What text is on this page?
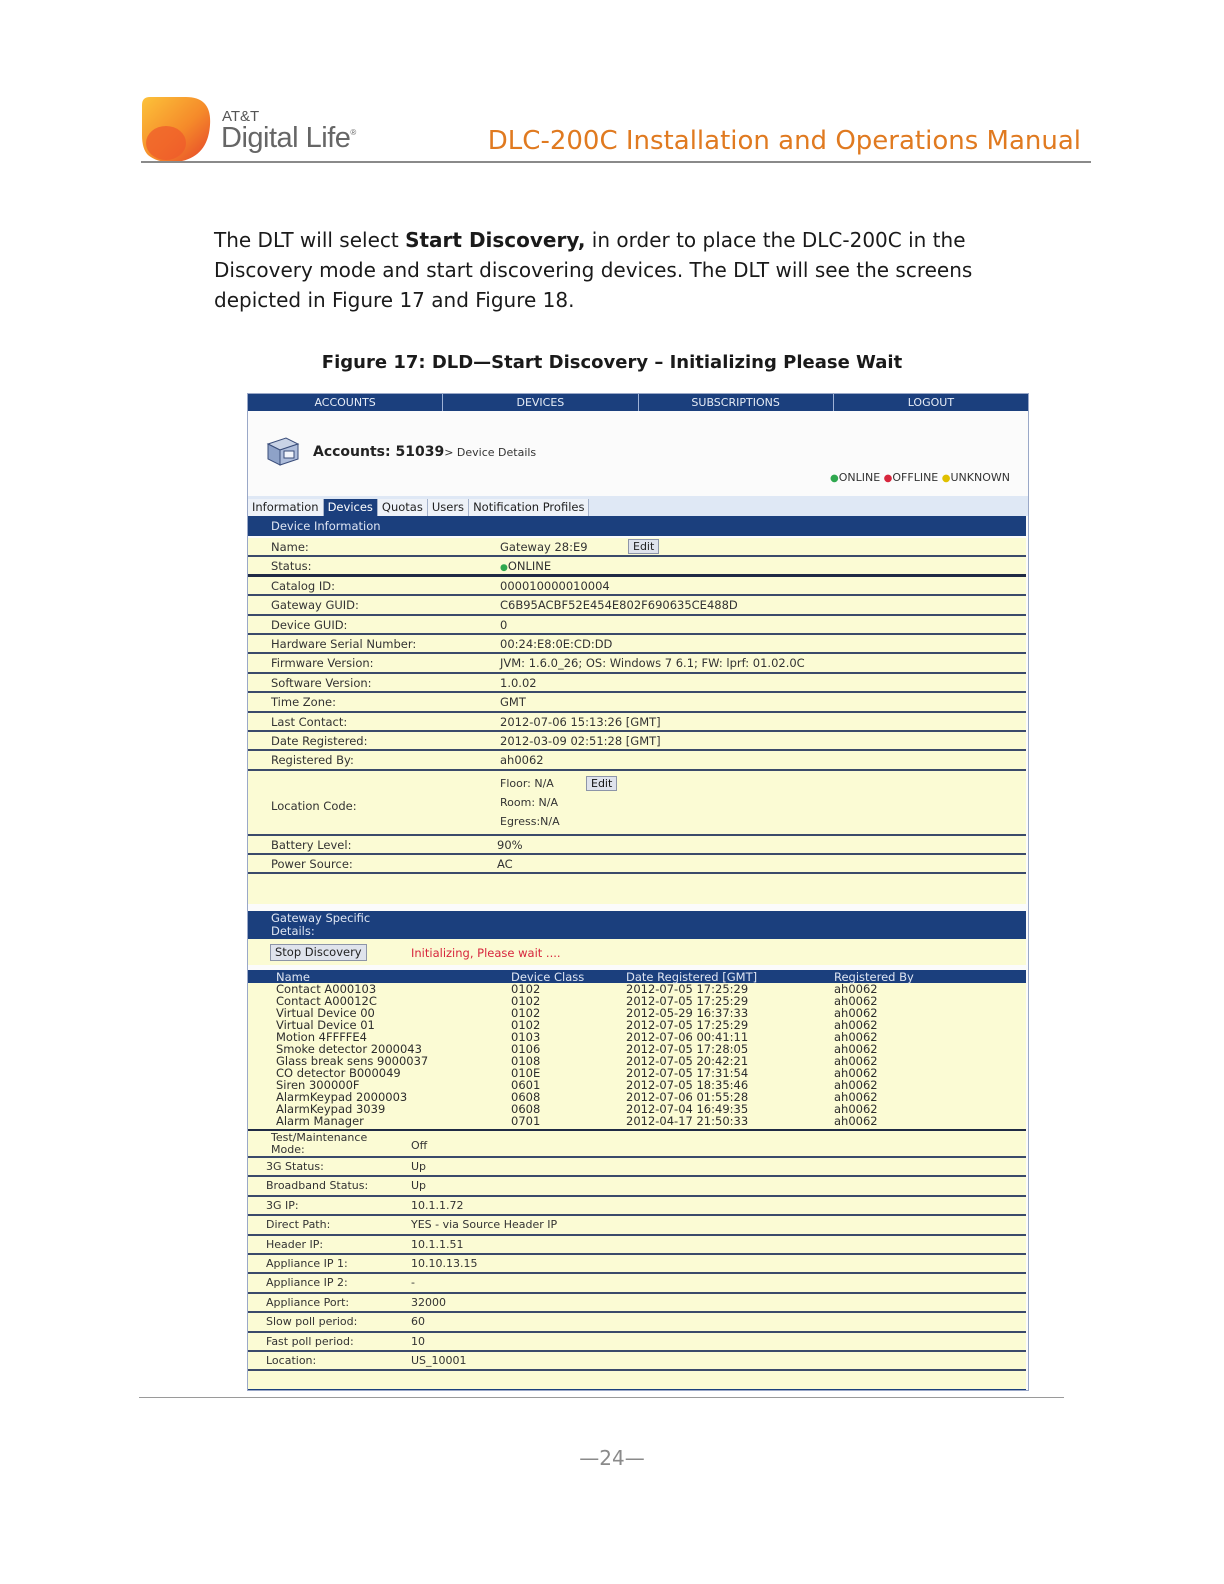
AT&T
Digital Life®	DLC-200C Installation and Operations Manual
The DLT will select Start Discovery, in order to place the DLC-200C in the Discovery mode and start discovering devices. The DLT will see the screens depicted in Figure 17 and Figure 18.
Figure 17: DLD—Start Discovery – Initializing Please Wait
ACCOUNTS	DEVICES	SUBSCRIPTIONS	LOGOUT
Accounts: 51039> Device Details
●ONLINE ●OFFLINE ●UNKNOWN
Information Devices Quotas Users Notification Profiles
Device Information
Name:	Gateway 28:E9	Edit
Status:	●ONLINE
Catalog ID:	000010000010004
Gateway GUID:	C6B95ACBF52E454E802F690635CE488D
Device GUID:	0
Hardware Serial Number:	00:24:E8:0E:CD:DD
Firmware Version:	JVM: 1.6.0_26; OS: Windows 7 6.1; FW: lprf: 01.02.0C
Software Version:	1.0.02
Time Zone:	GMT
Last Contact:	2012-07-06 15:13:26 [GMT]
Date Registered:	2012-03-09 02:51:28 [GMT]
Registered By:	ah0062
Location Code:
Floor: N/A	Edit
Room: N/A
Egress:N/A
Battery Level:	90%
Power Source:	AC
Gateway Specific
Details:
Stop Discovery	Initializing, Please wait ....
Name	Device Class	Date Registered [GMT]	Registered By
Contact A000103	0102	2012-07-05 17:25:29	ah0062
Contact A00012C	0102	2012-07-05 17:25:29	ah0062
Virtual Device 00	0102	2012-05-29 16:37:33	ah0062
Virtual Device 01	0102	2012-07-05 17:25:29	ah0062
Motion 4FFFFE4	0103	2012-07-06 00:41:11	ah0062
Smoke detector 2000043	0106	2012-07-05 17:28:05	ah0062
Glass break sens 9000037	0108	2012-07-05 20:42:21	ah0062
CO detector B000049	010E	2012-07-05 17:31:54	ah0062
Siren 300000F	0601	2012-07-05 18:35:46	ah0062
AlarmKeypad 2000003	0608	2012-07-06 01:55:28	ah0062
AlarmKeypad 3039	0608	2012-07-04 16:49:35	ah0062
Alarm Manager	0701	2012-04-17 21:50:33	ah0062
Test/Maintenance Mode:	Off
3G Status:	Up
Broadband Status:	Up
3G IP:	10.1.1.72
Direct Path:	YES - via Source Header IP
Header IP:	10.1.1.51
Appliance IP 1:	10.10.13.15
Appliance IP 2:	-
Appliance Port:	32000
Slow poll period:	60
Fast poll period:	10
Location:	US_10001
—24—
